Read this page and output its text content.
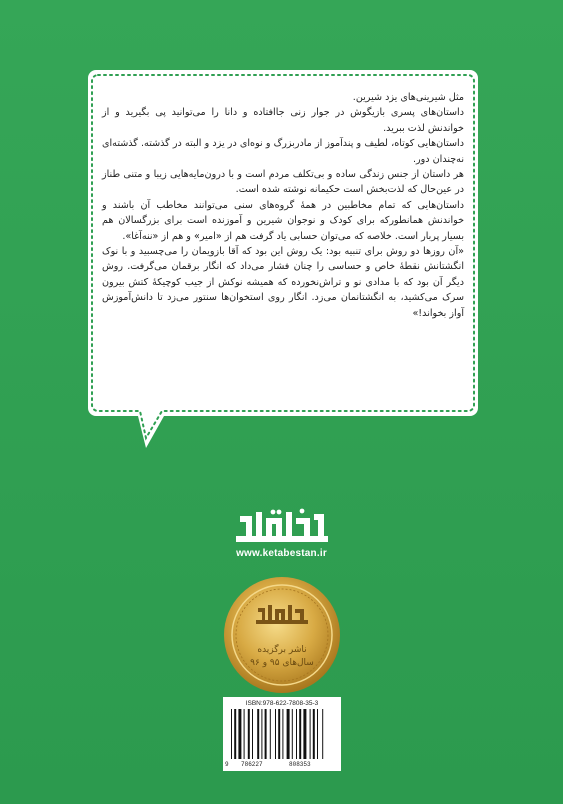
مثل شیرینی‌های یزد شیرین.

داستان‌های پسری بازیگوش در جوار زنی جاافتاده و دانا را می‌توانید پی بگیرید و از خواندنش لذت ببرید.

داستان‌هایی کوتاه، لطیف و پندآموز از مادربزرگ و نوه‌ای در یزد و البته در گذشته. گذشته‌ای نه‌چندان دور.

هر داستان از جنس زندگی ساده و بی‌تکلف مردم است و با درون‌مایه‌هایی زیبا و متنی طناز در عین‌حال که لذت‌بخش است حکیمانه نوشته شده است.

داستان‌هایی که تمام مخاطبین در همهٔ گروه‌های سنی می‌توانند مخاطب آن باشند و خواندنش همانطورکه برای کودک و نوجوان شیرین و آموزنده است برای بزرگسالان هم بسیار پربار است. خلاصه که می‌توان حسابی یاد گرفت هم از «امیر» و هم از «ننه‌آغا».

«آن روزها دو روش برای تنبیه بود: یک روش این بود که آقا بازویمان را می‌چسبید و با نوک انگشتانش نقطهٔ خاص و حساسی را چنان فشار می‌داد که انگار برقمان می‌گرفت. روش دیگر آن بود که با مدادی نو و تراش‌نخورده که همیشه نوکش از جیب کوچیکهٔ کتش بیرون سرک می‌کشید، به انگشتانمان می‌زد. انگار روی استخوان‌ها سنتور می‌زد تا دانش‌آموزش آواز بخواند!»

www.ketabestan.ir
ناشر برگزیده
سال‌های ۹۵ و ۹۶
ISBN:978-622-7808-35-3
9 786227	808353
